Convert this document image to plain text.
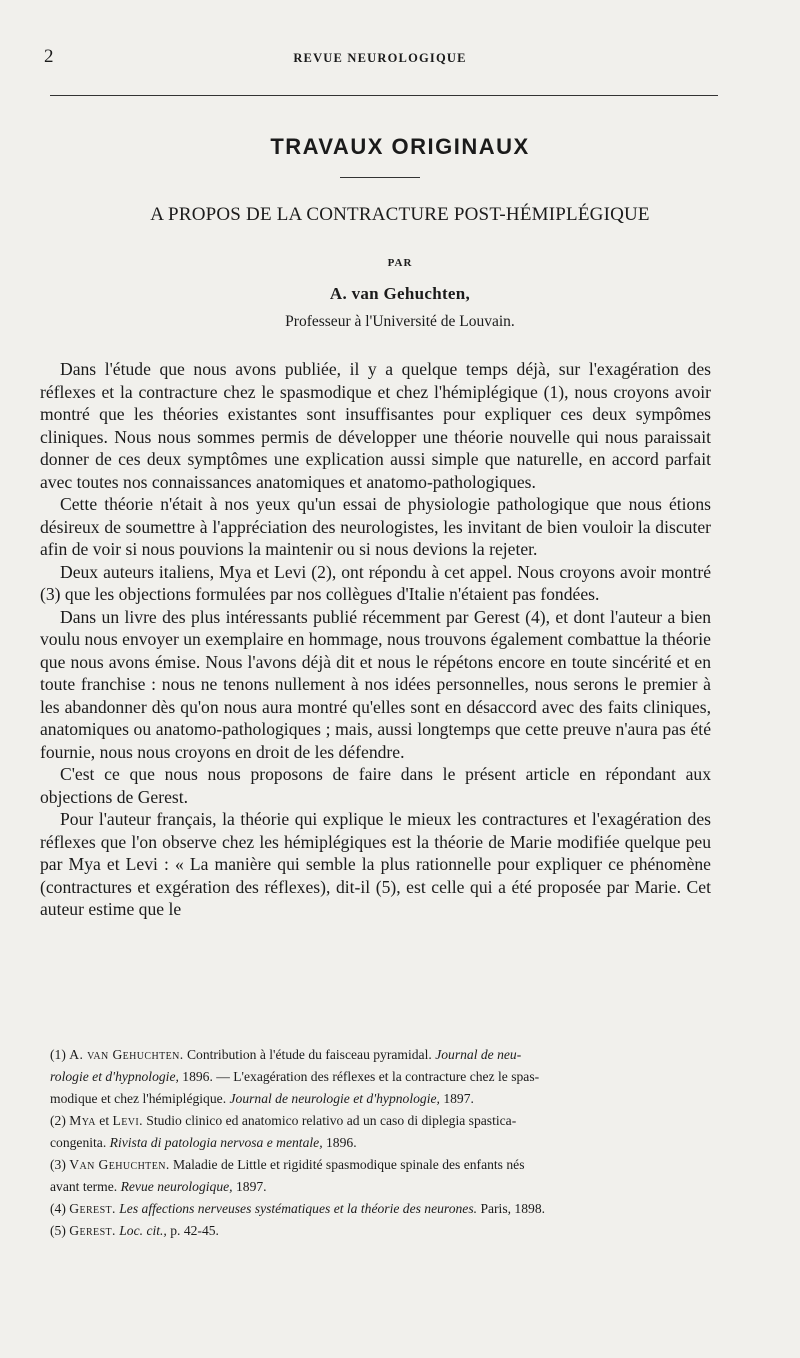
2	REVUE NEUROLOGIQUE
TRAVAUX ORIGINAUX
A PROPOS DE LA CONTRACTURE POST-HÉMIPLÉGIQUE
PAR
A. van Gehuchten,
Professeur à l'Université de Louvain.

Dans l'étude que nous avons publiée, il y a quelque temps déjà, sur l'exagération des réflexes et la contracture chez le spasmodique et chez l'hémiplégique (1), nous croyons avoir montré que les théories existantes sont insuffisantes pour expliquer ces deux sympômes cliniques. Nous nous sommes permis de développer une théorie nouvelle qui nous paraissait donner de ces deux symptômes une explication aussi simple que naturelle, en accord parfait avec toutes nos connaissances anatomiques et anatomo-pathologiques.

Cette théorie n'était à nos yeux qu'un essai de physiologie pathologique que nous étions désireux de soumettre à l'appréciation des neurologistes, les invitant de bien vouloir la discuter afin de voir si nous pouvions la maintenir ou si nous devions la rejeter.

Deux auteurs italiens, Mya et Levi (2), ont répondu à cet appel. Nous croyons avoir montré (3) que les objections formulées par nos collègues d'Italie n'étaient pas fondées.

Dans un livre des plus intéressants publié récemment par Gerest (4), et dont l'auteur a bien voulu nous envoyer un exemplaire en hommage, nous trouvons également combattue la théorie que nous avons émise. Nous l'avons déjà dit et nous le répétons encore en toute sincérité et en toute franchise : nous ne tenons nullement à nos idées personnelles, nous serons le premier à les abandonner dès qu'on nous aura montré qu'elles sont en désaccord avec des faits cliniques, anatomiques ou anatomo-pathologiques ; mais, aussi longtemps que cette preuve n'aura pas été fournie, nous nous croyons en droit de les défendre.

C'est ce que nous nous proposons de faire dans le présent article en répondant aux objections de Gerest.

Pour l'auteur français, la théorie qui explique le mieux les contractures et l'exagération des réflexes que l'on observe chez les hémiplégiques est la théorie de Marie modifiée quelque peu par Mya et Levi : « La manière qui semble la plus rationnelle pour expliquer ce phénomène (contractures et exgération des réflexes), dit-il (5), est celle qui a été proposée par Marie. Cet auteur estime que le

(1) A. van Gehuchten. Contribution à l'étude du faisceau pyramidal. Journal de neu-
rologie et d'hypnologie, 1896. — L'exagération des réflexes et la contracture chez le spas-
modique et chez l'hémiplégique. Journal de neurologie et d'hypnologie, 1897.

(2) Mya et Levi. Studio clinico ed anatomico relativo ad un caso di diplegia spastica-
congenita. Rivista di patologia nervosa e mentale, 1896.

(3) Van Gehuchten. Maladie de Little et rigidité spasmodique spinale des enfants nés
avant terme. Revue neurologique, 1897.

(4) Gerest. Les affections nerveuses systématiques et la théorie des neurones. Paris, 1898.

(5) Gerest. Loc. cit., p. 42-45.
